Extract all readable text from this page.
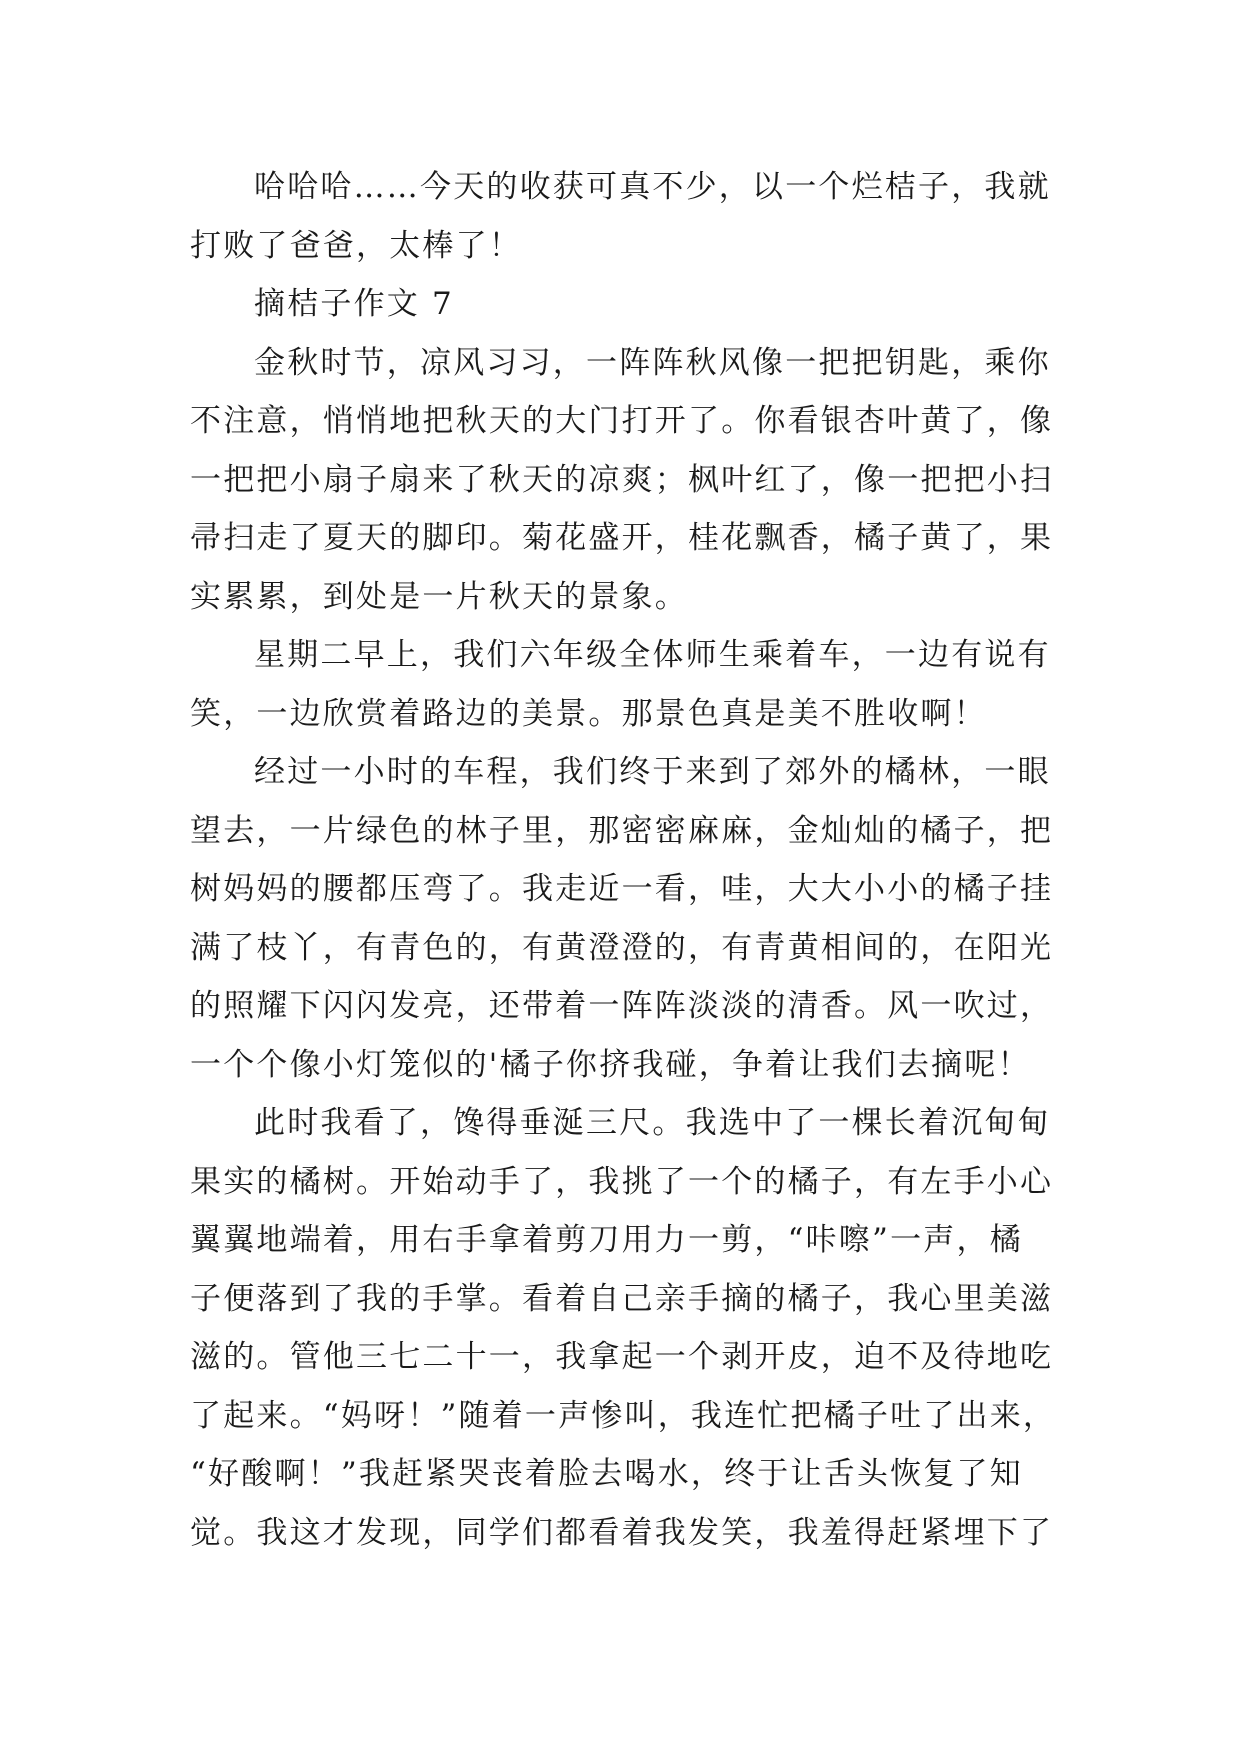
哈哈哈……今天的收获可真不少，以一个烂桔子，我就
打败了爸爸，太棒了！
摘桔子作文 7
金秋时节，凉风习习，一阵阵秋风像一把把钥匙，乘你
不注意，悄悄地把秋天的大门打开了。你看银杏叶黄了，像
一把把小扇子扇来了秋天的凉爽；枫叶红了，像一把把小扫
帚扫走了夏天的脚印。菊花盛开，桂花飘香，橘子黄了，果
实累累，到处是一片秋天的景象。
星期二早上，我们六年级全体师生乘着车，一边有说有
笑，一边欣赏着路边的美景。那景色真是美不胜收啊！
经过一小时的车程，我们终于来到了郊外的橘林，一眼
望去，一片绿色的林子里，那密密麻麻，金灿灿的橘子，把
树妈妈的腰都压弯了。我走近一看，哇，大大小小的橘子挂
满了枝丫，有青色的，有黄澄澄的，有青黄相间的，在阳光
的照耀下闪闪发亮，还带着一阵阵淡淡的清香。风一吹过，
一个个像小灯笼似的'橘子你挤我碰，争着让我们去摘呢！
此时我看了，馋得垂涎三尺。我选中了一棵长着沉甸甸
果实的橘树。开始动手了，我挑了一个的橘子，有左手小心
翼翼地端着，用右手拿着剪刀用力一剪，“咔嚓”一声，橘
子便落到了我的手掌。看着自己亲手摘的橘子，我心里美滋
滋的。管他三七二十一，我拿起一个剥开皮，迫不及待地吃
了起来。“妈呀！”随着一声惨叫，我连忙把橘子吐了出来，
“好酸啊！”我赶紧哭丧着脸去喝水，终于让舌头恢复了知
觉。我这才发现，同学们都看着我发笑，我羞得赶紧埋下了
